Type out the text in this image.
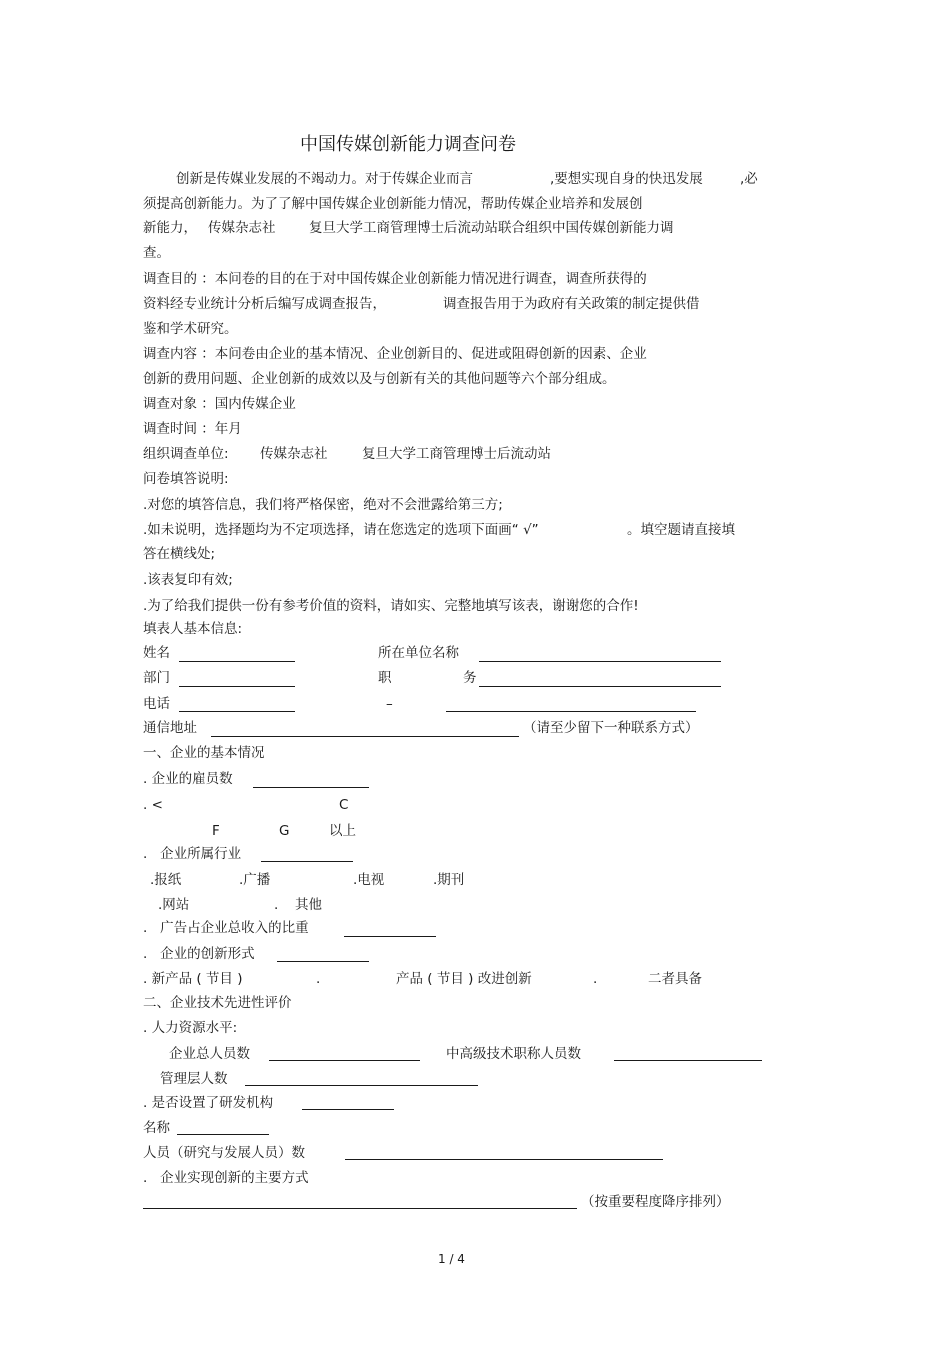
中国传媒创新能力调查问卷
创新是传媒业发展的不竭动力。对于传媒企业而言	,要想实现自身的快迅发展	,必
须提高创新能力。为了了解中国传媒企业创新能力情况，帮助传媒企业培养和发展创
新能力， 传媒杂志社 复旦大学工商管理博士后流动站联合组织中国传媒创新能力调
查。
调查目的 ：本问卷的目的在于对中国传媒企业创新能力情况进行调查，调查所获得的
资料经专业统计分析后编写成调查报告，	调查报告用于为政府有关政策的制定提供借
鉴和学术研究。
调查内容 ：本问卷由企业的基本情况、企业创新目的、促进或阻碍创新的因素、企业
创新的费用问题、企业创新的成效以及与创新有关的其他问题等六个部分组成。
调查对象 ：国内传媒企业
调查时间 ：年月
组织调查单位: 传媒杂志社	复旦大学工商管理博士后流动站
问卷填答说明:
.对您的填答信息，我们将严格保密，绝对不会泄露给第三方;
.如未说明，选择题均为不定项选择，请在您选定的选项下面画“ √”	。填空题请直接填
答在横线处;
.该表复印有效;
.为了给我们提供一份有参考价值的资料，请如实、完整地填写该表，谢谢您的合作!
填表人基本信息:
姓名	所在单位名称
部门	职	务
电话	–
通信地址	（请至少留下一种联系方式）
一、企业的基本情况
. 企业的雇员数
. <	C
F	G	以上
.   企业所属行业
.报纸	.广播	.电视	.期刊
.网站	. 其他
.   广告占企业总收入的比重
.   企业的创新形式
. 新产品 ( 节目 )	.	产品 ( 节目 ) 改进创新	.	二者具备
二、企业技术先进性评价
. 人力资源水平:
企业总人员数	中高级技术职称人员数
管理层人数
. 是否设置了研发机构
名称
人员（研究与发展人员）数
.   企业实现创新的主要方式
（按重要程度降序排列）
1 / 4
